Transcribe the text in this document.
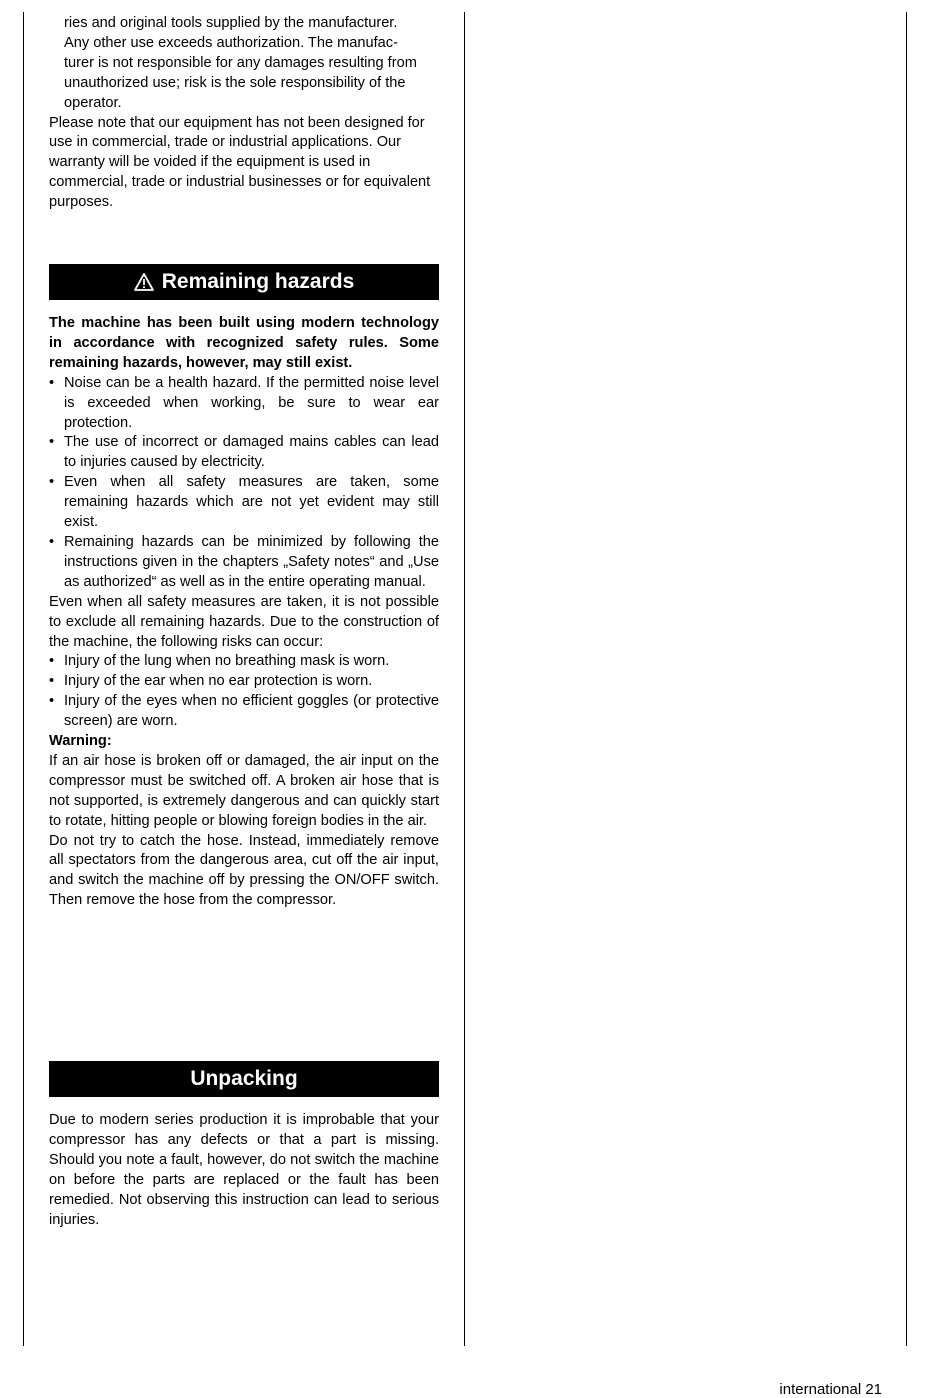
ries and original tools supplied by the manufacturer.

Any other use exceeds authorization. The manufac-

turer is not responsible for any damages resulting from

unauthorized use; risk is the sole responsibility of the

operator.

Please note that our equipment has not been designed for use in commercial, trade or industrial applications. Our warranty will be voided if the equipment is used in commercial, trade or industrial businesses or for equivalent purposes.

Remaining hazards

The machine has been built using modern technology in accordance with recognized safety rules. Some remaining hazards, however, may still exist.

• Noise can be a health hazard. If the permitted noise level is exceeded when working, be sure to wear ear protection.
• The use of incorrect or damaged mains cables can lead to injuries caused by electricity.
• Even when all safety measures are taken, some remaining hazards which are not yet evident may still exist.
• Remaining hazards can be minimized by following the instructions given in the chapters „Safety notes“ and „Use as authorized“ as well as in the entire operating manual.

Even when all safety measures are taken, it is not possible to exclude all remaining hazards. Due to the construction of the machine, the following risks can occur:

• Injury of the lung when no breathing mask is worn.
• Injury of the ear when no ear protection is worn.
• Injury of the eyes when no efficient goggles (or protective screen) are worn.

Warning:

If an air hose is broken off or damaged, the air input on the compressor must be switched off. A broken air hose that is not supported, is extremely dangerous and can quickly start to rotate, hitting people or blowing foreign bodies in the air.

Do not try to catch the hose. Instead, immediately remove all spectators from the dangerous area, cut off the air input, and switch the machine off by pressing the ON/OFF switch. Then remove the hose from the compressor.

Unpacking

Due to modern series production it is improbable that your compressor has any defects or that a part is missing. Should you note a fault, however, do not switch the machine on before the parts are replaced or the fault has been remedied. Not observing this instruction can lead to serious injuries.

international 21
